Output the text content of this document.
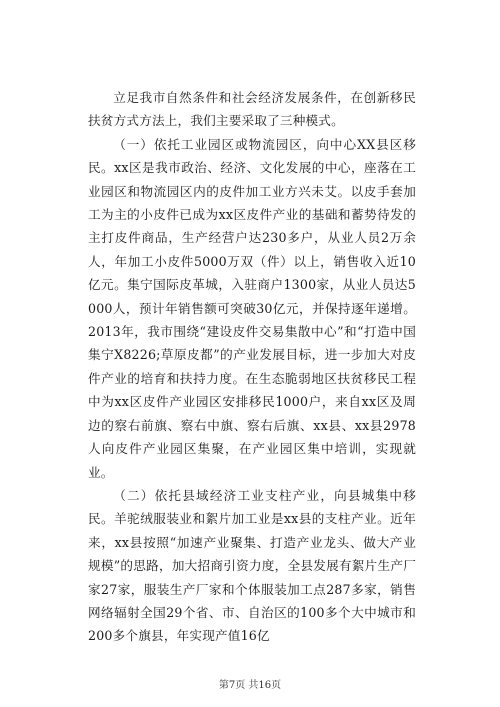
立足我市自然条件和社会经济发展条件，在创新移民扶贫方式方法上，我们主要采取了三种模式。

（一）依托工业园区或物流园区，向中心XX县区移民。xx区是我市政治、经济、文化发展的中心，座落在工业园区和物流园区内的皮件加工业方兴未艾。以皮手套加工为主的小皮件已成为xx区皮件产业的基础和蓄势待发的主打皮件商品，生产经营户达230多户，从业人员2万余人，年加工小皮件5000万双（件）以上，销售收入近10亿元。集宁国际皮革城，入驻商户1300家，从业人员达5000人，预计年销售额可突破30亿元，并保持逐年递增。2013年，我市围绕“建设皮件交易集散中心”和“打造中国集宁X8226;草原皮都”的产业发展目标，进一步加大对皮件产业的培育和扶持力度。在生态脆弱地区扶贫移民工程中为xx区皮件产业园区安排移民1000户，来自xx区及周边的察右前旗、察右中旗、察右后旗、xx县、xx县2978人向皮件产业园区集聚，在产业园区集中培训，实现就业。

（二）依托县域经济工业支柱产业，向县城集中移民。羊驼绒服装业和絮片加工业是xx县的支柱产业。近年来，xx县按照“加速产业聚集、打造产业龙头、做大产业规模”的思路，加大招商引资力度，全县发展有絮片生产厂家27家，服装生产厂家和个体服装加工点287多家，销售网络辐射全国29个省、市、自治区的100多个大中城市和200多个旗县，年实现产值16亿

第7页 共16页
